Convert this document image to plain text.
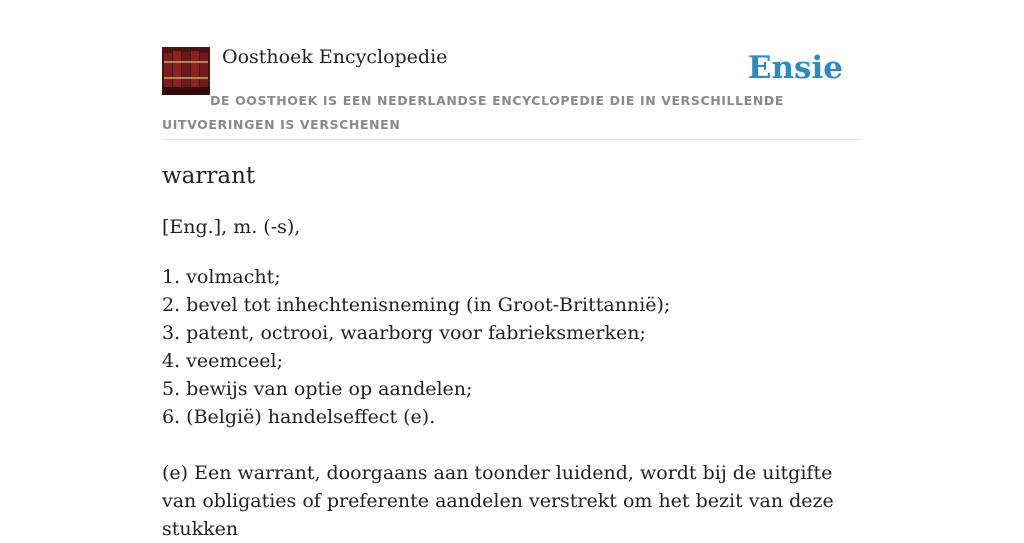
Oosthoek Encyclopedie	Ensie
DE OOSTHOEK IS EEN NEDERLANDSE ENCYCLOPEDIE DIE IN VERSCHILLENDE UITVOERINGEN IS VERSCHENEN
warrant
[Eng.], m. (-s),
1. volmacht;
2. bevel tot inhechtenisneming (in Groot-Brittannië);
3. patent, octrooi, waarborg voor fabrieksmerken;
4. veemceel;
5. bewijs van optie op aandelen;
6. (België) handelseffect (e).

(e) Een warrant, doorgaans aan toonder luidend, wordt bij de uitgifte van obligaties of preferente aandelen verstrekt om het bezit van deze stukken
